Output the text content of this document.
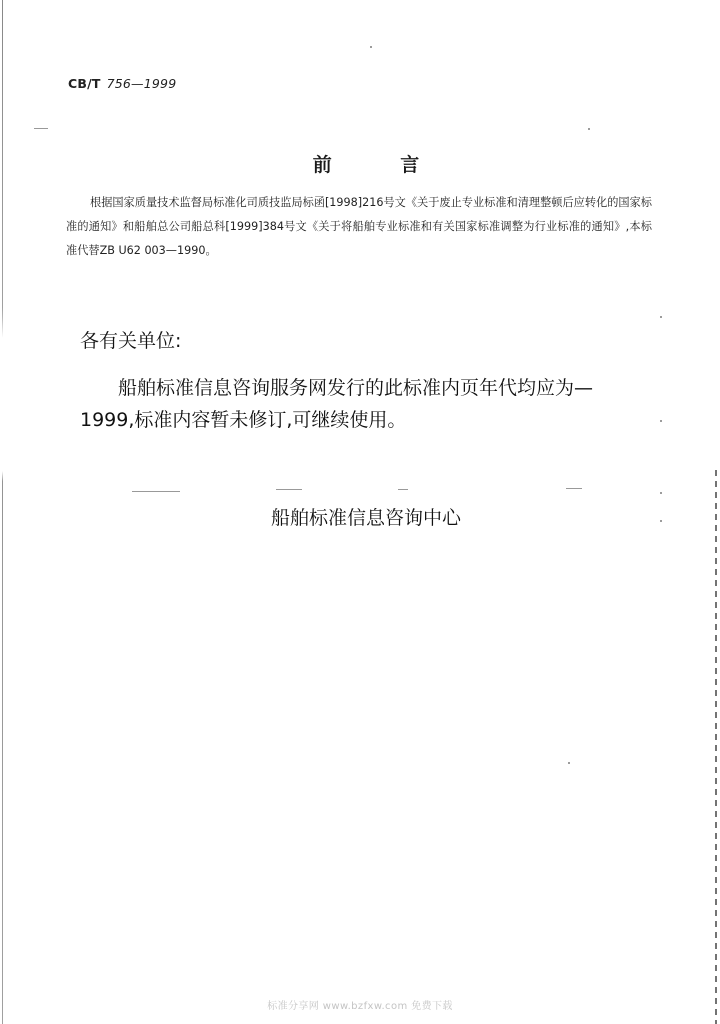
CB/T 756—1999
前 言
根据国家质量技术监督局标准化司质技监局标函[1998]216号文《关于废止专业标准和清理整顿后应转化的国家标准的通知》和船舶总公司船总科[1999]384号文《关于将船舶专业标准和有关国家标准调整为行业标准的通知》,本标准代替ZB U62 003—1990。
各有关单位:
船舶标准信息咨询服务网发行的此标准内页年代均应为—1999,标准内容暂未修订,可继续使用。
船舶标准信息咨询中心
标准分享网 www.bzfxw.com 免费下载
